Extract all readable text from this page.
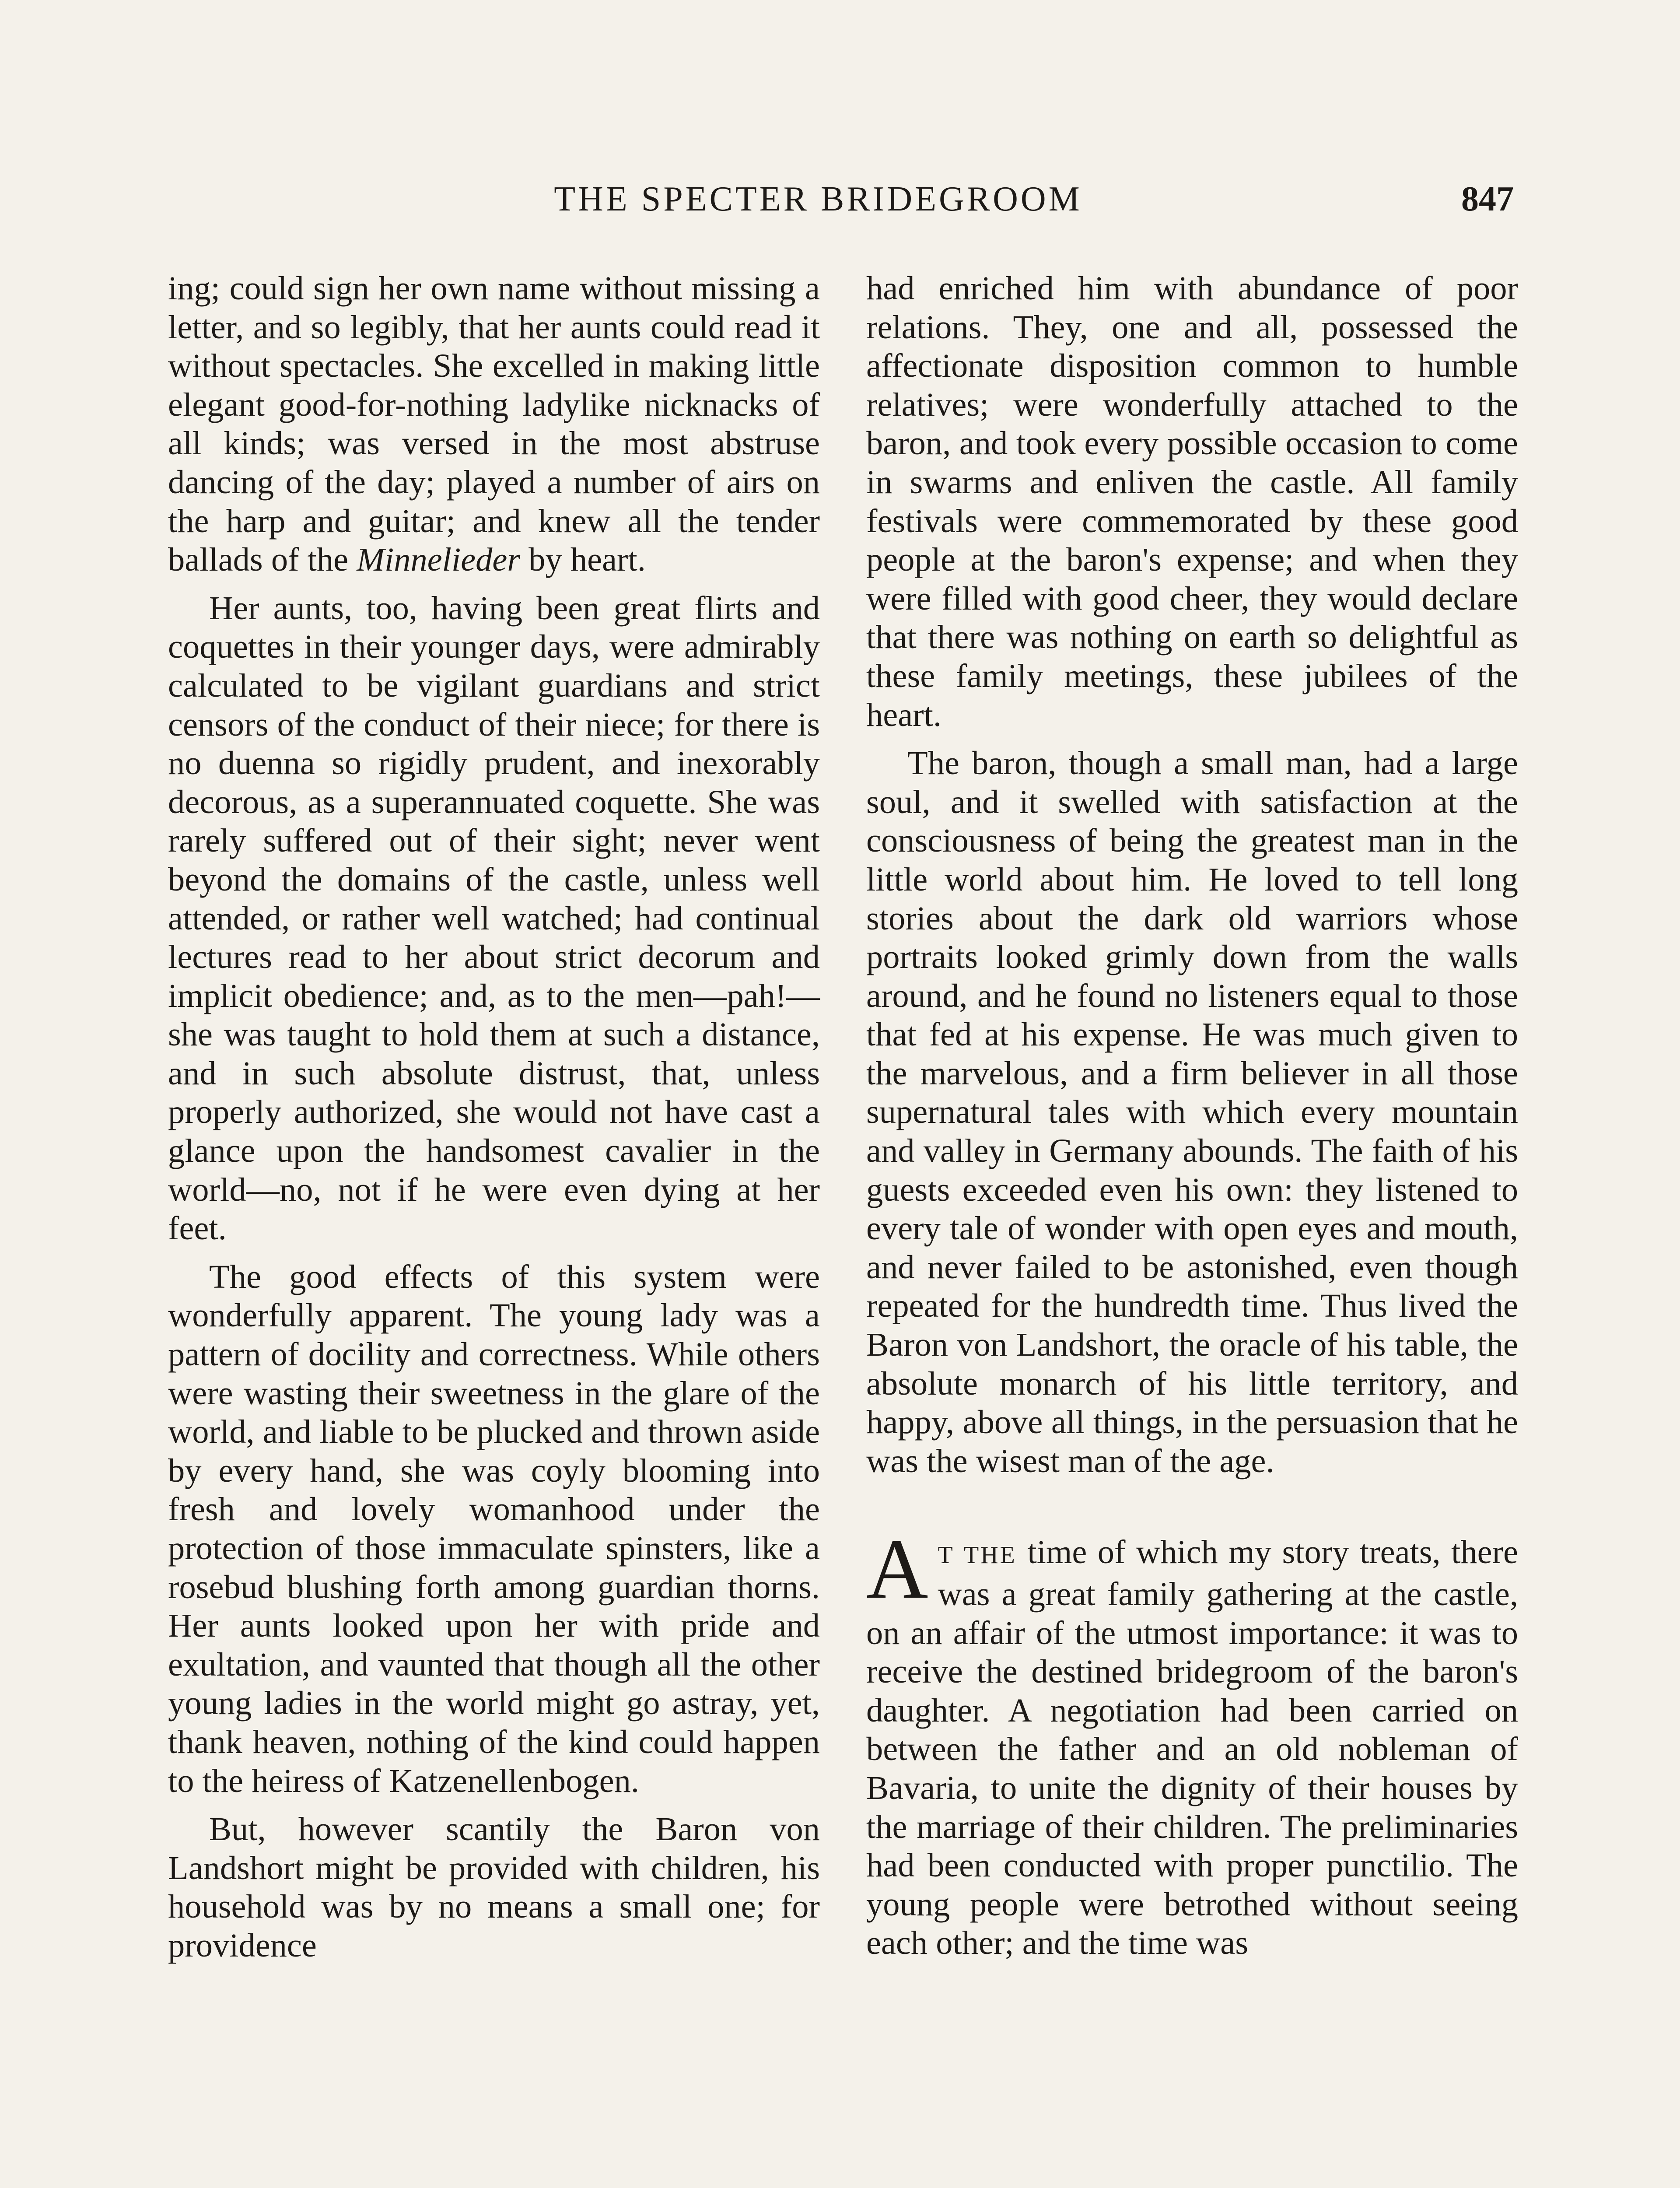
THE SPECTER BRIDEGROOM	847

ing; could sign her own name without missing a letter, and so legibly, that her aunts could read it without spectacles. She excelled in making little elegant good-for-nothing ladylike nicknacks of all kinds; was versed in the most abstruse dancing of the day; played a number of airs on the harp and guitar; and knew all the tender ballads of the Minnelieder by heart.

Her aunts, too, having been great flirts and coquettes in their younger days, were admirably calculated to be vigilant guardians and strict censors of the conduct of their niece; for there is no duenna so rigidly prudent, and inexorably decorous, as a superannuated coquette. She was rarely suffered out of their sight; never went beyond the domains of the castle, unless well attended, or rather well watched; had continual lectures read to her about strict decorum and implicit obedience; and, as to the men—pah!—she was taught to hold them at such a distance, and in such absolute distrust, that, unless properly authorized, she would not have cast a glance upon the handsomest cavalier in the world—no, not if he were even dying at her feet.

The good effects of this system were wonderfully apparent. The young lady was a pattern of docility and correctness. While others were wasting their sweetness in the glare of the world, and liable to be plucked and thrown aside by every hand, she was coyly blooming into fresh and lovely womanhood under the protection of those immaculate spinsters, like a rosebud blushing forth among guardian thorns. Her aunts looked upon her with pride and exultation, and vaunted that though all the other young ladies in the world might go astray, yet, thank heaven, nothing of the kind could happen to the heiress of Katzenellenbogen.

But, however scantily the Baron von Landshort might be provided with children, his household was by no means a small one; for providence

had enriched him with abundance of poor relations. They, one and all, possessed the affectionate disposition common to humble relatives; were wonderfully attached to the baron, and took every possible occasion to come in swarms and enliven the castle. All family festivals were commemorated by these good people at the baron's expense; and when they were filled with good cheer, they would declare that there was nothing on earth so delightful as these family meetings, these jubilees of the heart.

The baron, though a small man, had a large soul, and it swelled with satisfaction at the consciousness of being the greatest man in the little world about him. He loved to tell long stories about the dark old warriors whose portraits looked grimly down from the walls around, and he found no listeners equal to those that fed at his expense. He was much given to the marvelous, and a firm believer in all those supernatural tales with which every mountain and valley in Germany abounds. The faith of his guests exceeded even his own: they listened to every tale of wonder with open eyes and mouth, and never failed to be astonished, even though repeated for the hundredth time. Thus lived the Baron von Landshort, the oracle of his table, the absolute monarch of his little territory, and happy, above all things, in the persuasion that he was the wisest man of the age.

A T THE time of which my story treats, there was a great family gathering at the castle, on an affair of the utmost importance: it was to receive the destined bridegroom of the baron's daughter. A negotiation had been carried on between the father and an old nobleman of Bavaria, to unite the dignity of their houses by the marriage of their children. The preliminaries had been conducted with proper punctilio. The young people were betrothed without seeing each other; and the time was
